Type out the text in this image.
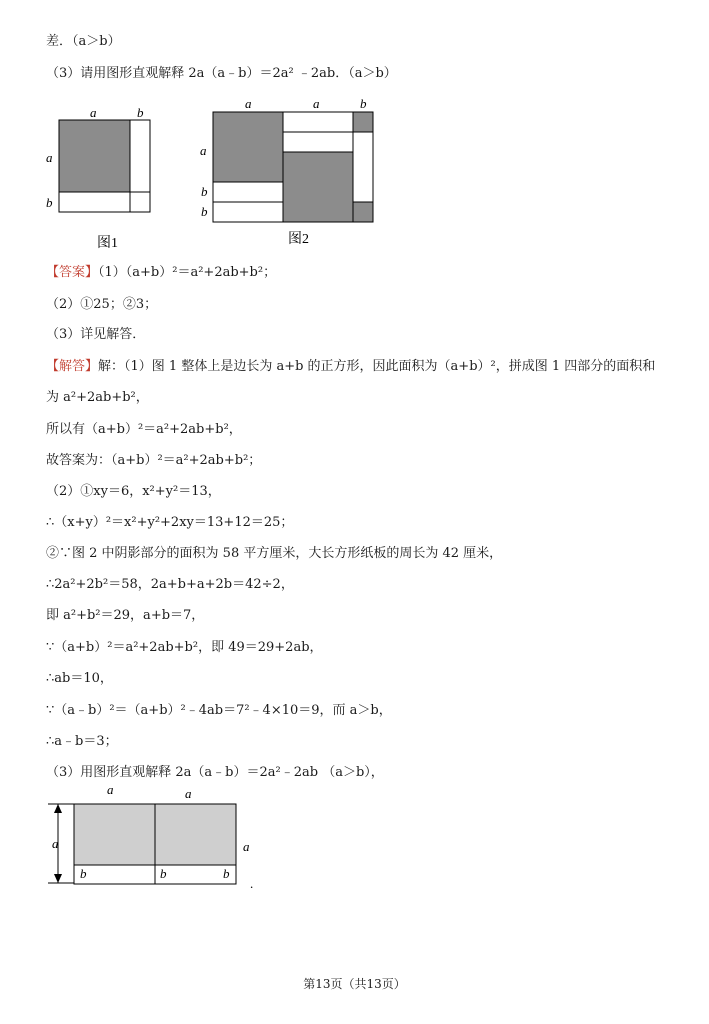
差．（a＞b）
（3）请用图形直观解释 2a（a﹣b）＝2a² ﹣2ab．（a＞b）
a	b
a
b
图1
a	a	b
a
b
b
图2
【答案】（1）（a+b）²＝a²+2ab+b²；
（2）①25；②3；
（3）详见解答．
【解答】解：（1）图 1 整体上是边长为 a+b 的正方形，因此面积为（a+b）²，拼成图 1 四部分的面积和
为 a²+2ab+b²，
所以有（a+b）²＝a²+2ab+b²，
故答案为：（a+b）²＝a²+2ab+b²；
（2）①xy＝6，x²+y²＝13，
∴（x+y）²＝x²+y²+2xy＝13+12＝25；
②∵图 2 中阴影部分的面积为 58 平方厘米，大长方形纸板的周长为 42 厘米，
∴2a²+2b²＝58，2a+b+a+2b＝42÷2，
即 a²+b²＝29，a+b＝7，
∵（a+b）²＝a²+2ab+b²，即 49＝29+2ab，
∴ab＝10，
∵（a﹣b）²＝（a+b）²﹣4ab＝7²﹣4×10＝9，而 a＞b，
∴a﹣b＝3；
（3）用图形直观解释 2a（a﹣b）＝2a²﹣2ab （a＞b），
a	a
a	a
b	b	b
.
第13页（共13页）
